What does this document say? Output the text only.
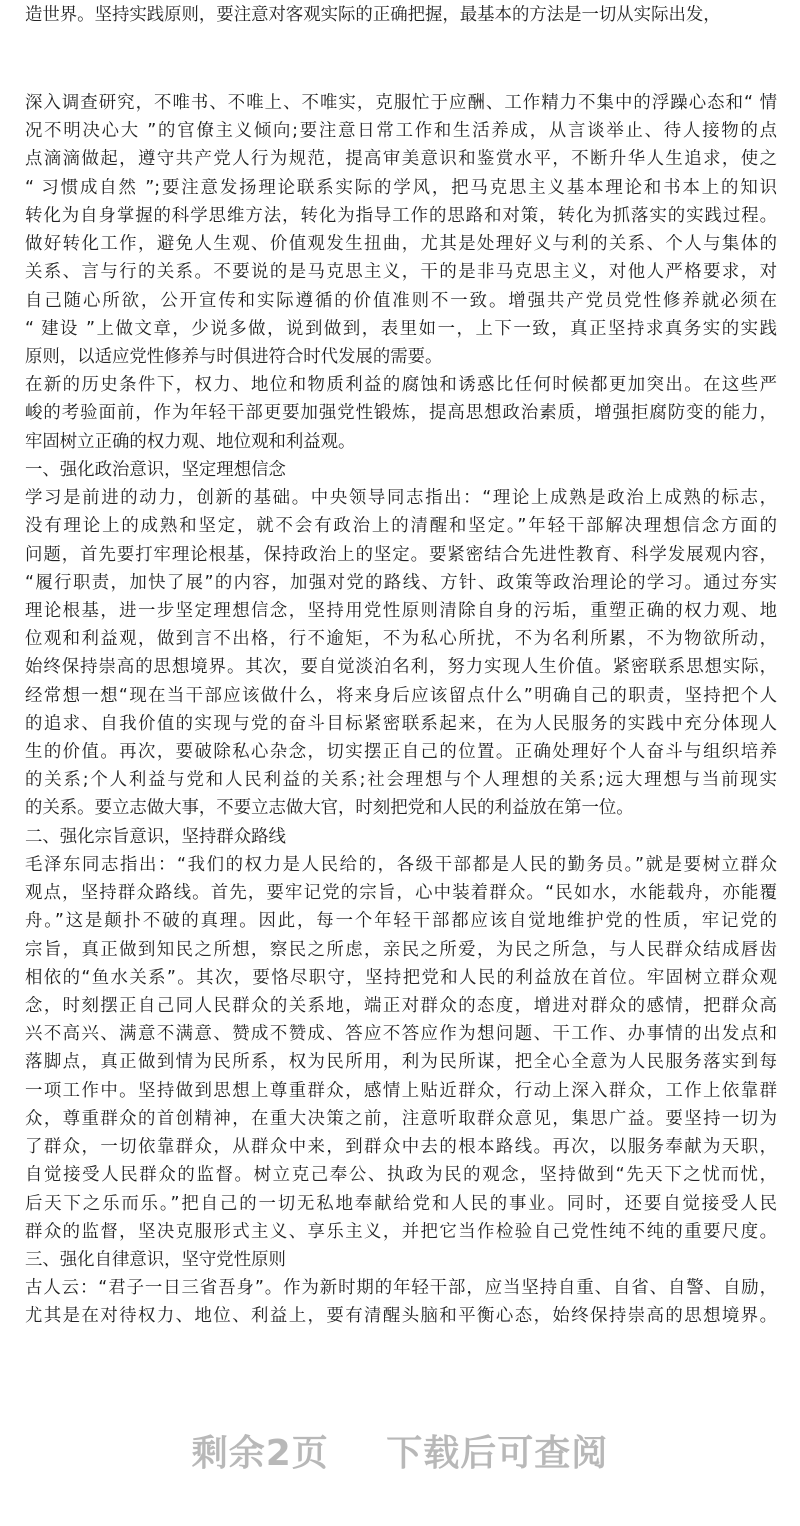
造世界。坚持实践原则，要注意对客观实际的正确把握，最基本的方法是一切从实际出发，
深入调查研究，不唯书、不唯上、不唯实，克服忙于应酬、工作精力不集中的浮躁心态和“ 情
况不明决心大 ”的官僚主义倾向;要注意日常工作和生活养成，从言谈举止、待人接物的点
点滴滴做起，遵守共产党人行为规范，提高审美意识和鉴赏水平，不断升华人生追求，使之
“ 习惯成自然 ”;要注意发扬理论联系实际的学风，把马克思主义基本理论和书本上的知识
转化为自身掌握的科学思维方法，转化为指导工作的思路和对策，转化为抓落实的实践过程。
做好转化工作，避免人生观、价值观发生扭曲，尤其是处理好义与利的关系、个人与集体的
关系、言与行的关系。不要说的是马克思主义，干的是非马克思主义，对他人严格要求，对
自己随心所欲，公开宣传和实际遵循的价值准则不一致。增强共产党员党性修养就必须在
“ 建设 ”上做文章，少说多做，说到做到，表里如一，上下一致，真正坚持求真务实的实践
原则，以适应党性修养与时俱进符合时代发展的需要。
在新的历史条件下，权力、地位和物质利益的腐蚀和诱惑比任何时候都更加突出。在这些严
峻的考验面前，作为年轻干部更要加强党性锻炼，提高思想政治素质，增强拒腐防变的能力，
牢固树立正确的权力观、地位观和利益观。
一、强化政治意识，坚定理想信念
学习是前进的动力，创新的基础。中央领导同志指出：“理论上成熟是政治上成熟的标志，
没有理论上的成熟和坚定，就不会有政治上的清醒和坚定。”年轻干部解决理想信念方面的
问题，首先要打牢理论根基，保持政治上的坚定。要紧密结合先进性教育、科学发展观内容，
“履行职责，加快了展”的内容，加强对党的路线、方针、政策等政治理论的学习。通过夯实
理论根基，进一步坚定理想信念，坚持用党性原则清除自身的污垢，重塑正确的权力观、地
位观和利益观，做到言不出格，行不逾矩，不为私心所扰，不为名利所累，不为物欲所动，
始终保持崇高的思想境界。其次，要自觉淡泊名利，努力实现人生价值。紧密联系思想实际，
经常想一想“现在当干部应该做什么，将来身后应该留点什么”明确自己的职责，坚持把个人
的追求、自我价值的实现与党的奋斗目标紧密联系起来，在为人民服务的实践中充分体现人
生的价值。再次，要破除私心杂念，切实摆正自己的位置。正确处理好个人奋斗与组织培养
的关系;个人利益与党和人民利益的关系;社会理想与个人理想的关系;远大理想与当前现实
的关系。要立志做大事，不要立志做大官，时刻把党和人民的利益放在第一位。
二、强化宗旨意识，坚持群众路线
毛泽东同志指出：“我们的权力是人民给的，各级干部都是人民的勤务员。”就是要树立群众
观点，坚持群众路线。首先，要牢记党的宗旨，心中装着群众。“民如水，水能载舟，亦能覆
舟。”这是颠扑不破的真理。因此，每一个年轻干部都应该自觉地维护党的性质，牢记党的
宗旨，真正做到知民之所想，察民之所虑，亲民之所爱，为民之所急，与人民群众结成唇齿
相依的“鱼水关系”。其次，要恪尽职守，坚持把党和人民的利益放在首位。牢固树立群众观
念，时刻摆正自己同人民群众的关系地，端正对群众的态度，增进对群众的感情，把群众高
兴不高兴、满意不满意、赞成不赞成、答应不答应作为想问题、干工作、办事情的出发点和
落脚点，真正做到情为民所系，权为民所用，利为民所谋，把全心全意为人民服务落实到每
一项工作中。坚持做到思想上尊重群众，感情上贴近群众，行动上深入群众，工作上依靠群
众，尊重群众的首创精神，在重大决策之前，注意听取群众意见，集思广益。要坚持一切为
了群众，一切依靠群众，从群众中来，到群众中去的根本路线。再次，以服务奉献为天职，
自觉接受人民群众的监督。树立克己奉公、执政为民的观念，坚持做到“先天下之忧而忧，
后天下之乐而乐。”把自己的一切无私地奉献给党和人民的事业。同时，还要自觉接受人民
群众的监督，坚决克服形式主义、享乐主义，并把它当作检验自己党性纯不纯的重要尺度。
三、强化自律意识，坚守党性原则
古人云：“君子一日三省吾身”。作为新时期的年轻干部，应当坚持自重、自省、自警、自励，
尤其是在对待权力、地位、利益上，要有清醒头脑和平衡心态，始终保持崇高的思想境界。
剩余2页 下载后可查阅
